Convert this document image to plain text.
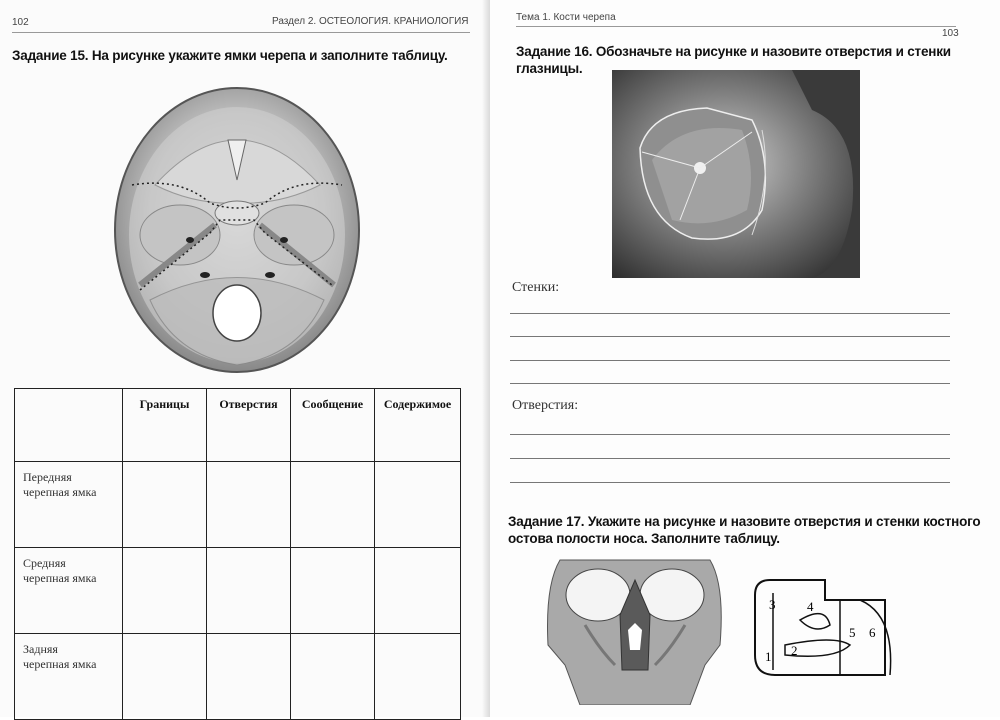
102	Раздел 2. ОСТЕОЛОГИЯ. КРАНИОЛОГИЯ
Задание 15. На рисунке укажите ямки черепа и заполните таблицу.
	Границы	Отверстия	Сообщение	Содержимое
Передняя
черепная ямка				
Средняя
черепная ямка				
Задняя
черепная ямка				
Тема 1. Кости черепа
103
Задание 16. Обозначьте на рисунке и назовите отверстия и стенки глазницы.
Стенки:
Отверстия:
Задание 17. Укажите на рисунке и назовите отверстия и стенки костного
остова полости носа. Заполните таблицу.
3 4
5 6
1 2
